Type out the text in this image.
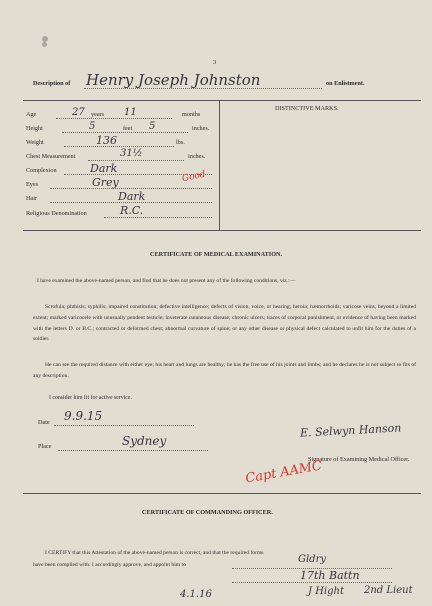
3
Description of Henry Joseph Johnston	on Enlistment.
DISTINCTIVE MARKS.
Age	27 years 11	months
Height	5	feet 5	inches.
Weight	136	lbs.
Chest Measurement	31½	inches.
Complexion	Dark
Eyes	Grey	Good
Hair	Dark
Religious Denomination	R.C.
CERTIFICATE OF MEDICAL EXAMINATION.
I have examined the above-named person, and find that he does not present any of the following conditions, viz.:—
Scrofula; phthisis; syphilis; impaired constitution; defective intelligence; defects of vision, voice, or hearing; hernia; hæmorrhoids; varicose veins, beyond a limited extent; marked varicocele with unusually pendent testicle; inveterate cutaneous disease; chronic ulcers; traces of corporal punishment, or evidence of having been marked with the letters D. or B.C.; contracted or deformed chest; abnormal curvature of spine; or any other disease or physical defect calculated to unfit him for the duties of a soldier.
He can see the required distance with either eye; his heart and lungs are healthy; he has the free use of his joints and limbs; and he declares he is not subject to fits of any description.
I consider him fit for active service.
Date 9.9.15
Place	Sydney
E. Selwyn Hanson
Signature of Examining Medical Officer.
Capt AAMC
CERTIFICATE OF COMMANDING OFFICER.
I CERTIFY that this Attestation of the above-named person is correct, and that the required forms
have been complied with. I accordingly approve, and appoint him to	Gldry
17th Battn
4.1.16	J Hight 2nd Lieut
